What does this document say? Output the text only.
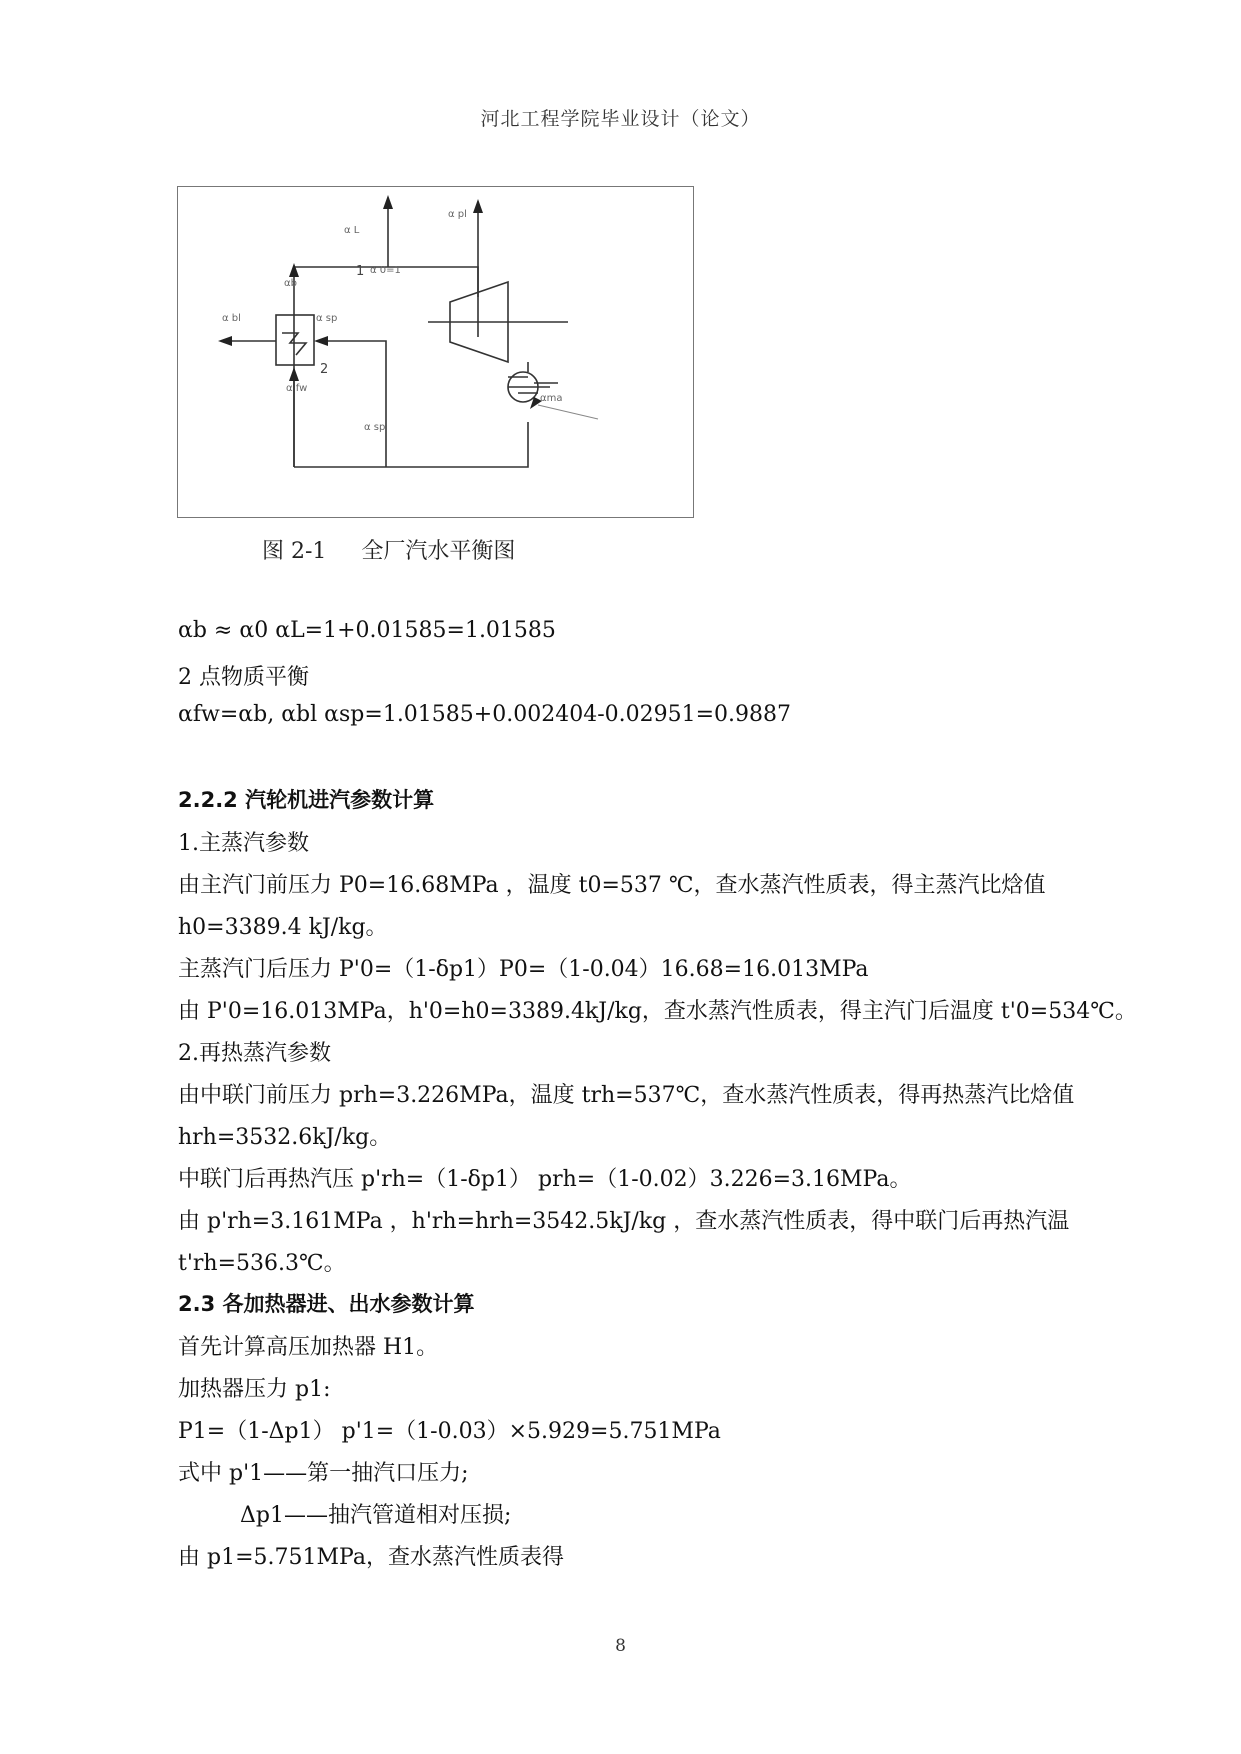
河北工程学院毕业设计（论文）
α L
α pl
1 α 0=1
αb
α bl	α sp
2
α fw
α sp
αma
图 2-1     全厂汽水平衡图
αb ≈ α0 αL=1+0.01585=1.01585
2 点物质平衡
αfw=αb, αbl αsp=1.01585+0.002404-0.02951=0.9887
2.2.2 汽轮机进汽参数计算
1.主蒸汽参数
由主汽门前压力 P0=16.68MPa ，温度 t0=537 ℃，查水蒸汽性质表，得主蒸汽比焓值
h0=3389.4 kJ/kg。
主蒸汽门后压力 P'0=（1-δp1）P0=（1-0.04）16.68=16.013MPa
由 P'0=16.013MPa，h'0=h0=3389.4kJ/kg，查水蒸汽性质表，得主汽门后温度 t'0=534℃。
2.再热蒸汽参数
由中联门前压力 prh=3.226MPa，温度 trh=537℃，查水蒸汽性质表，得再热蒸汽比焓值
hrh=3532.6kJ/kg。
中联门后再热汽压 p'rh=（1-δp1） prh=（1-0.02）3.226=3.16MPa。
由 p'rh=3.161MPa ，h'rh=hrh=3542.5kJ/kg ，查水蒸汽性质表，得中联门后再热汽温
t'rh=536.3℃。
2.3 各加热器进、出水参数计算
首先计算高压加热器 H1。
加热器压力 p1:
P1=（1-Δp1） p'1=（1-0.03）×5.929=5.751MPa
式中 p'1——第一抽汽口压力;
Δp1——抽汽管道相对压损;
由 p1=5.751MPa，查水蒸汽性质表得
8
